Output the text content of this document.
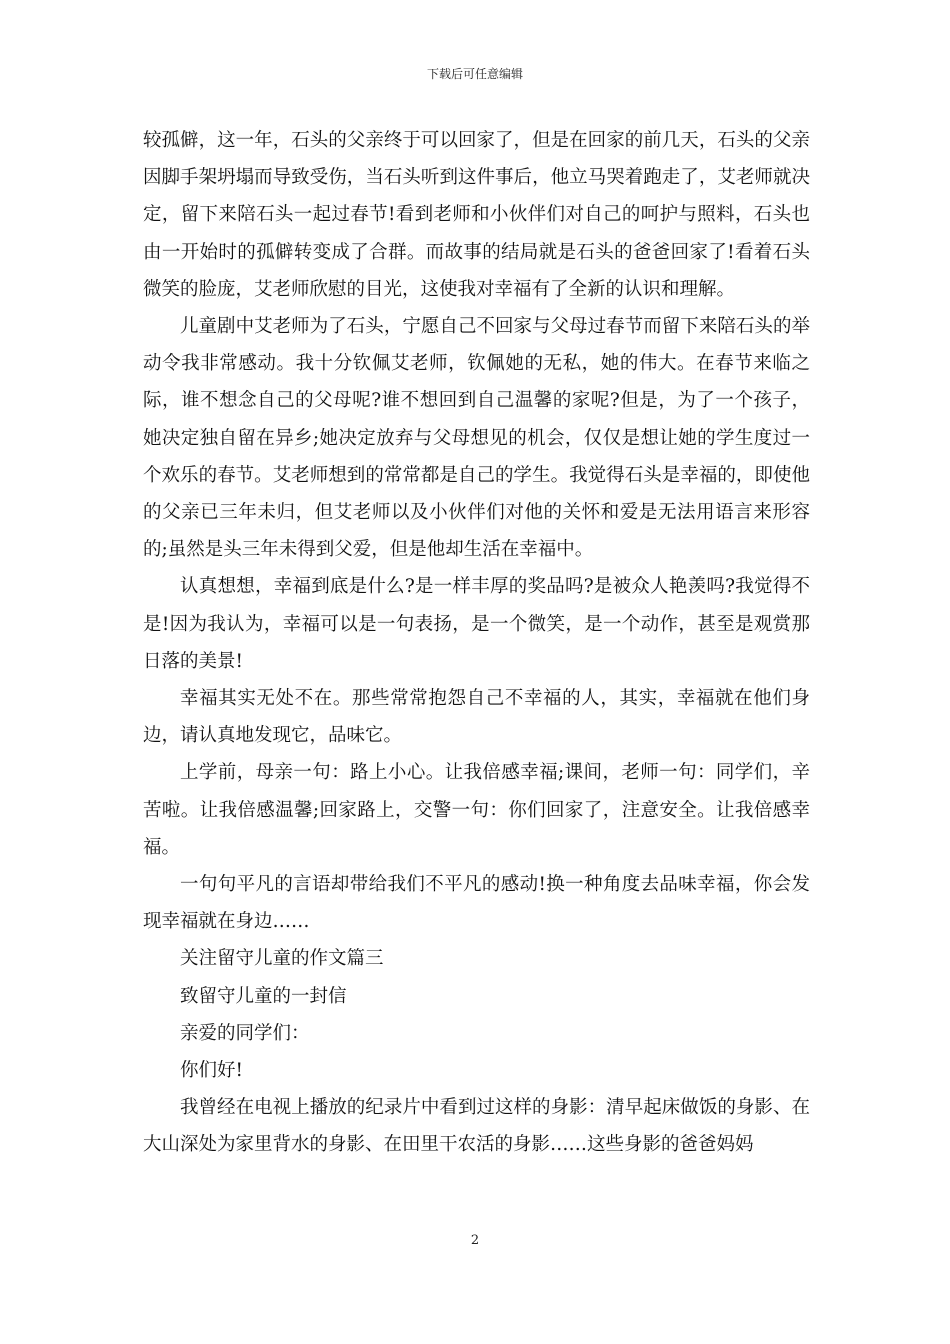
下载后可任意编辑

较孤僻，这一年，石头的父亲终于可以回家了，但是在回家的前几天，石头的父亲因脚手架坍塌而导致受伤，当石头听到这件事后，他立马哭着跑走了，艾老师就决定，留下来陪石头一起过春节!看到老师和小伙伴们对自己的呵护与照料，石头也由一开始时的孤僻转变成了合群。而故事的结局就是石头的爸爸回家了!看着石头微笑的脸庞，艾老师欣慰的目光，这使我对幸福有了全新的认识和理解。

儿童剧中艾老师为了石头，宁愿自己不回家与父母过春节而留下来陪石头的举动令我非常感动。我十分钦佩艾老师，钦佩她的无私，她的伟大。在春节来临之际，谁不想念自己的父母呢?谁不想回到自己温馨的家呢?但是，为了一个孩子，她决定独自留在异乡;她决定放弃与父母想见的机会，仅仅是想让她的学生度过一个欢乐的春节。艾老师想到的常常都是自己的学生。我觉得石头是幸福的，即使他的父亲已三年未归，但艾老师以及小伙伴们对他的关怀和爱是无法用语言来形容的;虽然是头三年未得到父爱，但是他却生活在幸福中。

认真想想，幸福到底是什么?是一样丰厚的奖品吗?是被众人艳羡吗?我觉得不是!因为我认为，幸福可以是一句表扬，是一个微笑，是一个动作，甚至是观赏那日落的美景!

幸福其实无处不在。那些常常抱怨自己不幸福的人，其实，幸福就在他们身边，请认真地发现它，品味它。

上学前，母亲一句：路上小心。让我倍感幸福;课间，老师一句：同学们，辛苦啦。让我倍感温馨;回家路上，交警一句：你们回家了，注意安全。让我倍感幸福。

一句句平凡的言语却带给我们不平凡的感动!换一种角度去品味幸福，你会发现幸福就在身边……

关注留守儿童的作文篇三

致留守儿童的一封信

亲爱的同学们：

你们好!

我曾经在电视上播放的纪录片中看到过这样的身影：清早起床做饭的身影、在大山深处为家里背水的身影、在田里干农活的身影……这些身影的爸爸妈妈

2
